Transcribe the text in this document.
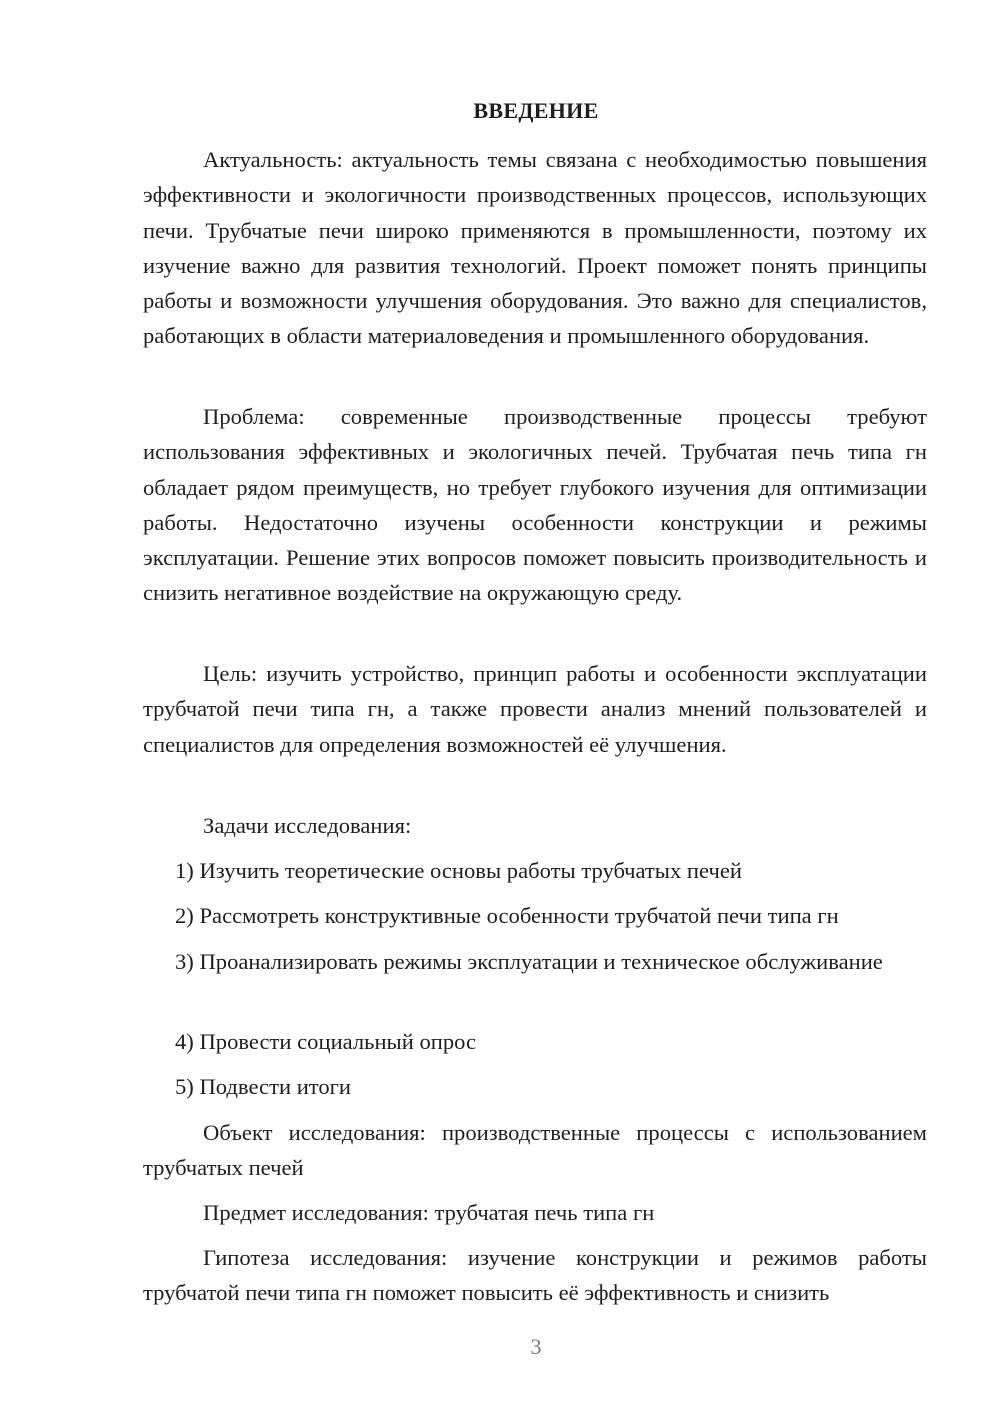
ВВЕДЕНИЕ

Актуальность: актуальность темы связана с необходимостью повышения эффективности и экологичности производственных процессов, использующих печи. Трубчатые печи широко применяются в промышленности, поэтому их изучение важно для развития технологий. Проект поможет понять принципы работы и возможности улучшения оборудования. Это важно для специалистов, работающих в области материаловедения и промышленного оборудования.

Проблема: современные производственные процессы требуют использования эффективных и экологичных печей. Трубчатая печь типа гн обладает рядом преимуществ, но требует глубокого изучения для оптимизации работы. Недостаточно изучены особенности конструкции и режимы эксплуатации. Решение этих вопросов поможет повысить производительность и снизить негативное воздействие на окружающую среду.

Цель: изучить устройство, принцип работы и особенности эксплуатации трубчатой печи типа гн, а также провести анализ мнений пользователей и специалистов для определения возможностей её улучшения.

Задачи исследования:

1) Изучить теоретические основы работы трубчатых печей

2) Рассмотреть конструктивные особенности трубчатой печи типа гн

3) Проанализировать режимы эксплуатации и техническое обслуживание

4) Провести социальный опрос

5) Подвести итоги

Объект исследования: производственные процессы с использованием трубчатых печей

Предмет исследования: трубчатая печь типа гн

Гипотеза исследования: изучение конструкции и режимов работы трубчатой печи типа гн поможет повысить её эффективность и снизить

3
